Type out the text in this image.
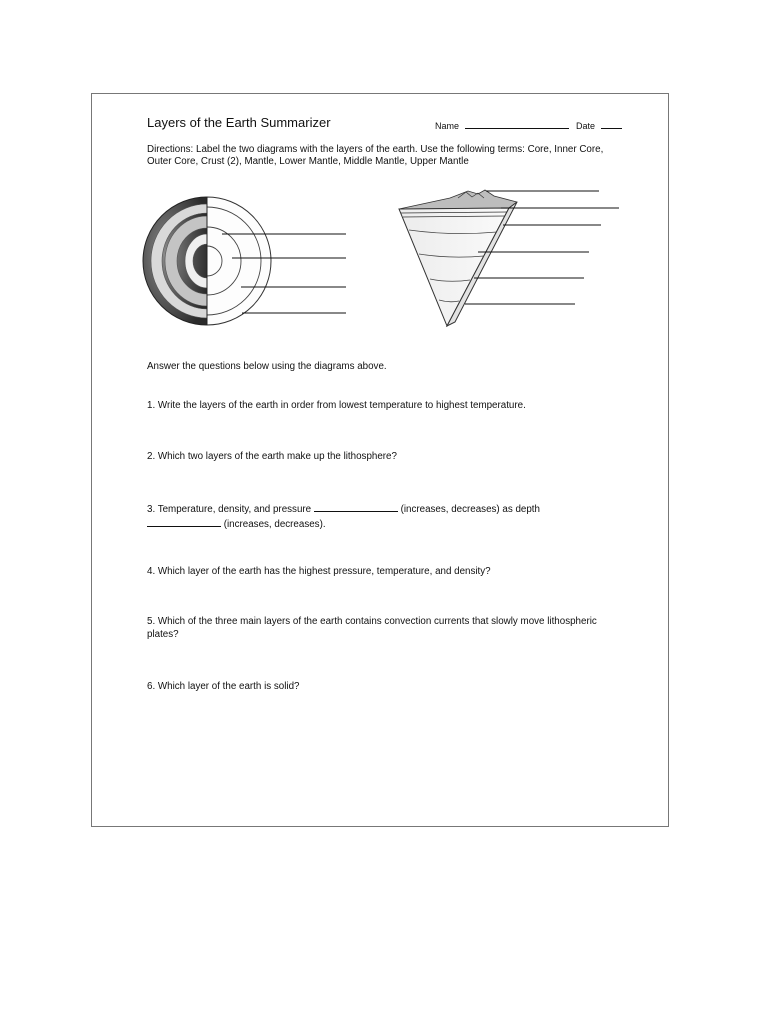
Layers of the Earth Summarizer	Name	Date
Directions: Label the two diagrams with the layers of the earth. Use the following terms: Core, Inner Core, Outer Core, Crust (2), Mantle, Lower Mantle, Middle Mantle, Upper Mantle
Answer the questions below using the diagrams above.
1. Write the layers of the earth in order from lowest temperature to highest temperature.
2. Which two layers of the earth make up the lithosphere?
3. Temperature, density, and pressure	(increases, decreases) as depth
(increases, decreases).
4. Which layer of the earth has the highest pressure, temperature, and density?
5. Which of the three main layers of the earth contains convection currents that slowly move lithospheric plates?
6. Which layer of the earth is solid?
